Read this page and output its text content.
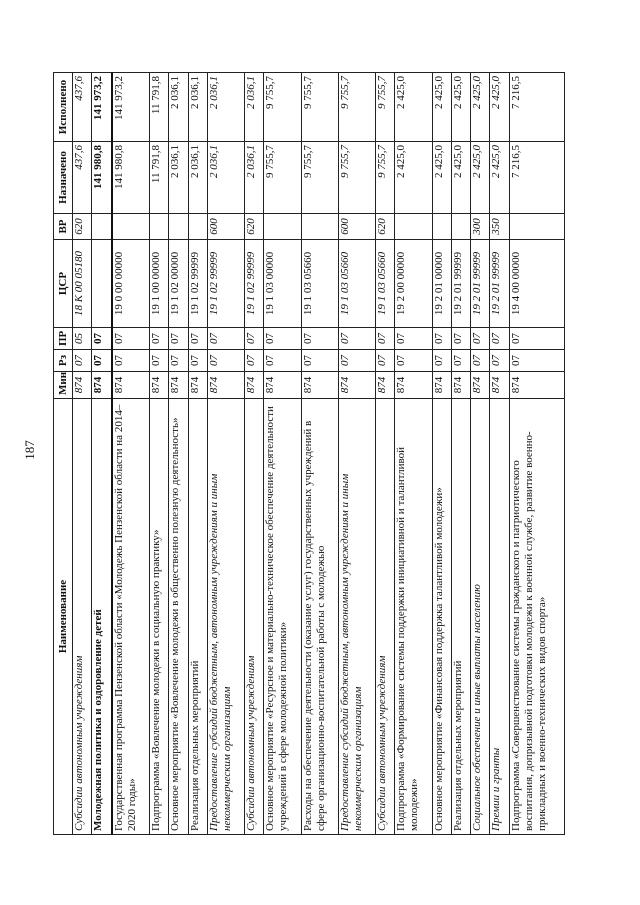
187
Наименование	Мин	Рз	ПР	ЦСР	ВР	Назначено	Исполнено
Субсидии автономным учреждениям	874	07	05	18 К 00 05180	620	437,6	437,6
Молодежная политика и оздоровление детей	874	07	07			141 980,8	141 973,2
Государственная программа Пензенской области «Молодежь Пензенской области на 2014–2020 годы»	874	07	07	19 0 00 00000		141 980,8	141 973,2
Подпрограмма «Вовлечение молодежи в социальную практику»	874	07	07	19 1 00 00000		11 791,8	11 791,8
Основное мероприятие «Вовлечение молодежи в общественно полезную деятельность»	874	07	07	19 1 02 00000		2 036,1	2 036,1
Реализация отдельных мероприятий	874	07	07	19 1 02 99999		2 036,1	2 036,1
Предоставление субсидий бюджетным, автономным учреждениям и иным некоммерческим организациям	874	07	07	19 1 02 99999	600	2 036,1	2 036,1
Субсидии автономным учреждениям	874	07	07	19 1 02 99999	620	2 036,1	2 036,1
Основное мероприятие «Ресурсное и материально-техническое обеспечение деятельности учреждений в сфере молодежной политики»	874	07	07	19 1 03 00000		9 755,7	9 755,7
Расходы на обеспечение деятельности (оказание услуг) государственных учреждений в сфере организационно-воспитательной работы с молодежью	874	07	07	19 1 03 05660		9 755,7	9 755,7
Предоставление субсидий бюджетным, автономным учреждениям и иным некоммерческим организациям	874	07	07	19 1 03 05660	600	9 755,7	9 755,7
Субсидии автономным учреждениям	874	07	07	19 1 03 05660	620	9 755,7	9 755,7
Подпрограмма «Формирование системы поддержки инициативной и талантливой молодежи»	874	07	07	19 2 00 00000		2 425,0	2 425,0
Основное мероприятие «Финансовая поддержка талантливой молодежи»	874	07	07	19 2 01 00000		2 425,0	2 425,0
Реализация отдельных мероприятий	874	07	07	19 2 01 99999		2 425,0	2 425,0
Социальное обеспечение и иные выплаты населению	874	07	07	19 2 01 99999	300	2 425,0	2 425,0
Премии и гранты	874	07	07	19 2 01 99999	350	2 425,0	2 425,0
Подпрограмма «Совершенствование системы гражданского и патриотического воспитания, допризывной подготовки молодежи к военной службе, развитие военно-прикладных и военно-технических видов спорта»	874	07	07	19 4 00 00000		7 216,5	7 216,5
